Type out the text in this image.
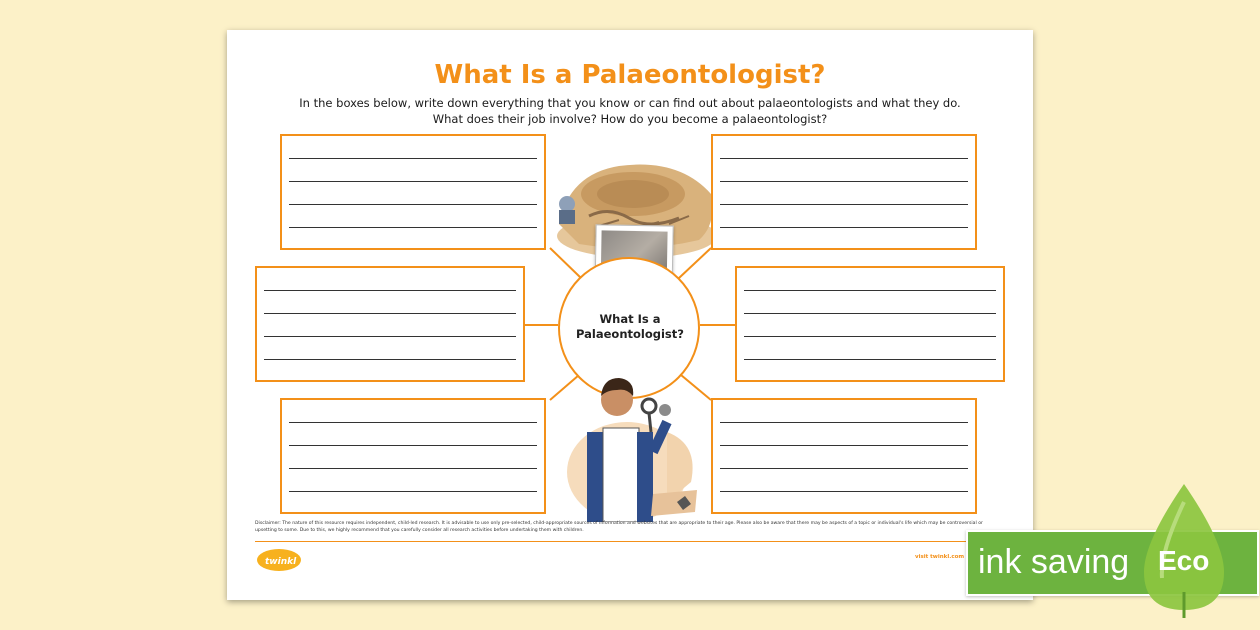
What Is a Palaeontologist?
In the boxes below, write down everything that you know or can find out about palaeontologists and what they do.
What does their job involve? How do you become a palaeontologist?
What Is a
Palaeontologist?
Disclaimer: The nature of this resource requires independent, child-led research. It is advisable to use only pre-selected, child-appropriate sources of information and websites that are appropriate to their age. Please also be aware that there may be aspects of a topic or individual's life which may be controversial or upsetting to some. Due to this, we highly recommend that you carefully consider all research activities before undertaking them with children.
twinkl	visit twinkl.com ink saving Eco
